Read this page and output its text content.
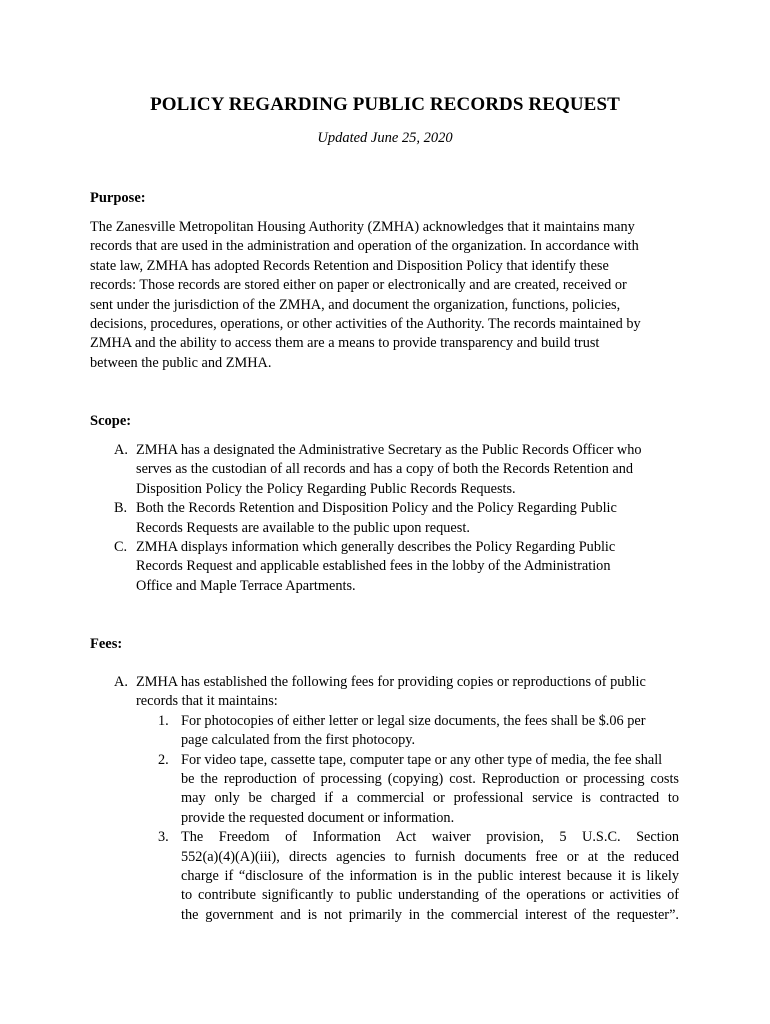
POLICY REGARDING PUBLIC RECORDS REQUEST
Updated June 25, 2020
Purpose:

The Zanesville Metropolitan Housing Authority (ZMHA) acknowledges that it maintains many

records that are used in the administration and operation of the organization. In accordance with

state law, ZMHA has adopted Records Retention and Disposition Policy that identify these

records: Those records are stored either on paper or electronically and are created, received or

sent under the jurisdiction of the ZMHA, and document the organization, functions, policies,

decisions, procedures, operations, or other activities of the Authority. The records maintained by

ZMHA and the ability to access them are a means to provide transparency and build trust

between the public and ZMHA.

Scope:
A. ZMHA has a designated the Administrative Secretary as the Public Records Officer who
serves as the custodian of all records and has a copy of both the Records Retention and
Disposition Policy the Policy Regarding Public Records Requests.
B. Both the Records Retention and Disposition Policy and the Policy Regarding Public
Records Requests are available to the public upon request.
C. ZMHA displays information which generally describes the Policy Regarding Public
Records Request and applicable established fees in the lobby of the Administration
Office and Maple Terrace Apartments.
Fees:
A. ZMHA has established the following fees for providing copies or reproductions of public
records that it maintains:
1. For photocopies of either letter or legal size documents, the fees shall be $.06 per
page calculated from the first photocopy.
2. For video tape, cassette tape, computer tape or any other type of media, the fee shall
be the reproduction of processing (copying) cost. Reproduction or processing costs
may only be charged if a commercial or professional service is contracted to
provide the requested document or information.
3. The Freedom of Information Act waiver provision, 5 U.S.C. Section
552(a)(4)(A)(iii), directs agencies to furnish documents free or at the reduced
charge if “disclosure of the information is in the public interest because it is likely
to contribute significantly to public understanding of the operations or activities of
the government and is not primarily in the commercial interest of the requester”.
